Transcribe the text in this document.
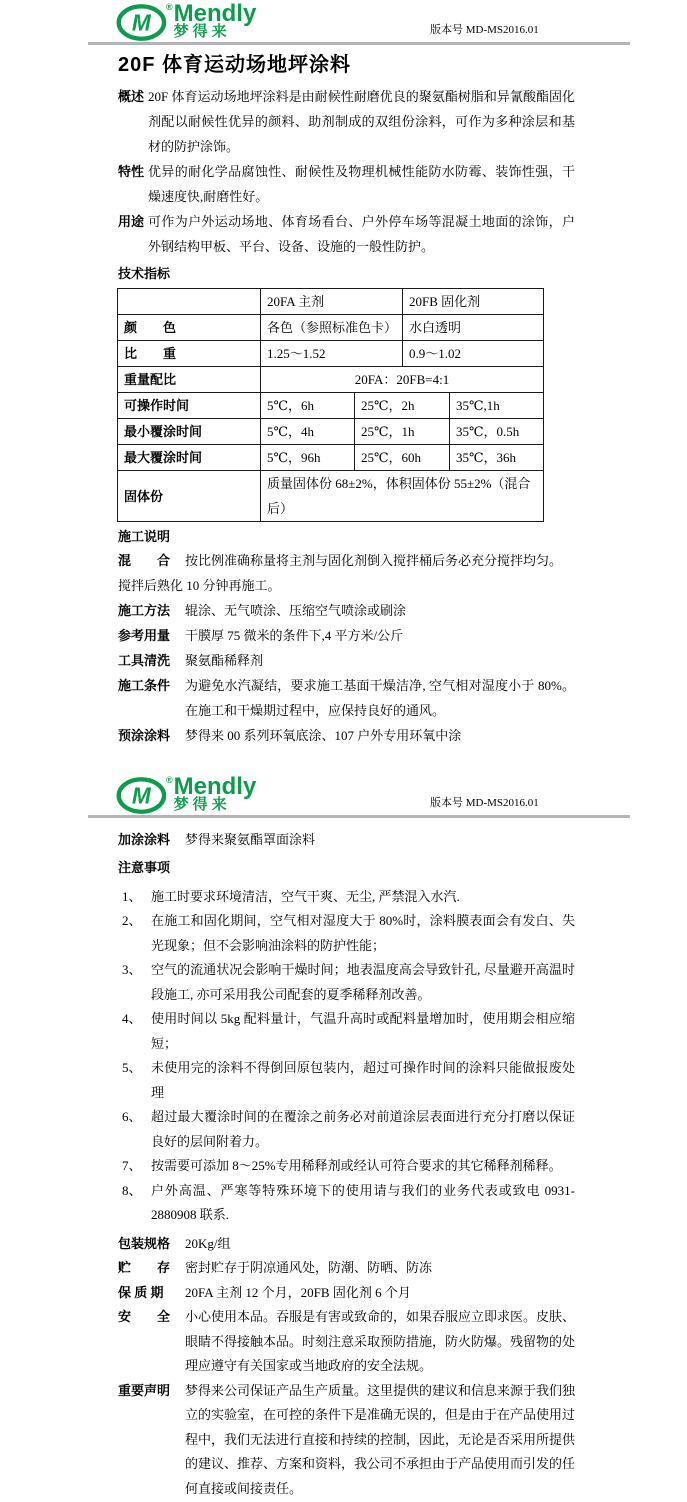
M
® Mendly
梦得来	版本号 MD-MS2016.01
20F 体育运动场地坪涂料
概述 20F 体育运动场地坪涂料是由耐候性耐磨优良的聚氨酯树脂和异氰酸酯固化剂配以耐候性优异的颜料、助剂制成的双组份涂料，可作为多种涂层和基材的防护涂饰。

特性 优异的耐化学品腐蚀性、耐候性及物理机械性能防水防霉、装饰性强，干燥速度快,耐磨性好。

用途 可作为户外运动场地、体育场看台、户外停车场等混凝土地面的涂饰，户外钢结构甲板、平台、设备、设施的一般性防护。

技术指标
	20FA 主剂		20FB 固化剂	
颜　　色	各色（参照标准色卡）		水白透明	
比　　重	1.25～1.52		0.9～1.02	
重量配比	20FA：20FB=4:1			
可操作时间	5℃，6h	25℃，2h		35℃,1h
最小覆涂时间	5℃，4h	25℃，1h		35℃，0.5h
最大覆涂时间	5℃，96h	25℃，60h		35℃，36h
固体份	质量固体份 68±2%，体积固体份 55±2%（混合后）			
施工说明
混　　合	按比例准确称量将主剂与固化剂倒入搅拌桶后务必充分搅拌均匀。

搅拌后熟化 10 分钟再施工。

施工方法	辊涂、无气喷涂、压缩空气喷涂或刷涂

参考用量	干膜厚 75 微米的条件下,4 平方米/公斤

工具清洗	聚氨酯稀释剂

施工条件	为避免水汽凝结，要求施工基面干燥洁净, 空气相对湿度小于 80%。在施工和干燥期过程中，应保持良好的通风。

预涂涂料	梦得来 00 系列环氧底涂、107 户外专用环氧中涂

M
® Mendly
梦得来	版本号 MD-MS2016.01
加涂涂料	梦得来聚氨酯罩面涂料

注意事项
1、 施工时要求环境清洁，空气干爽、无尘, 严禁混入水汽.

2、 在施工和固化期间，空气相对湿度大于 80%时，涂料膜表面会有发白、失光现象；但不会影响油涂料的防护性能；

3、 空气的流通状况会影响干燥时间；地表温度高会导致针孔, 尽量避开高温时段施工, 亦可采用我公司配套的夏季稀释剂改善。

4、 使用时间以 5kg 配料量计，气温升高时或配料量增加时，使用期会相应缩短；

5、 未使用完的涂料不得倒回原包装内，超过可操作时间的涂料只能做报废处理

6、 超过最大覆涂时间的在覆涂之前务必对前道涂层表面进行充分打磨以保证良好的层间附着力。

7、 按需要可添加 8～25%专用稀释剂或经认可符合要求的其它稀释剂稀释。

8、 户外高温、严寒等特殊环境下的使用请与我们的业务代表或致电 0931-2880908 联系.

包装规格	20Kg/组

贮　　存	密封贮存于阴凉通风处，防潮、防晒、防冻

保 质 期	20FA 主剂 12 个月，20FB 固化剂 6 个月

安　　全	小心使用本品。吞服是有害或致命的，如果吞服应立即求医。皮肤、眼睛不得接触本品。时刻注意采取预防措施，防火防爆。残留物的处理应遵守有关国家或当地政府的安全法规。

重要声明	梦得来公司保证产品生产质量。这里提供的建议和信息来源于我们独立的实验室，在可控的条件下是准确无误的，但是由于在产品使用过程中，我们无法进行直接和持续的控制，因此，无论是否采用所提供的建议、推荐、方案和资料，我公司不承担由于产品使用而引发的任何直接或间接责任。
